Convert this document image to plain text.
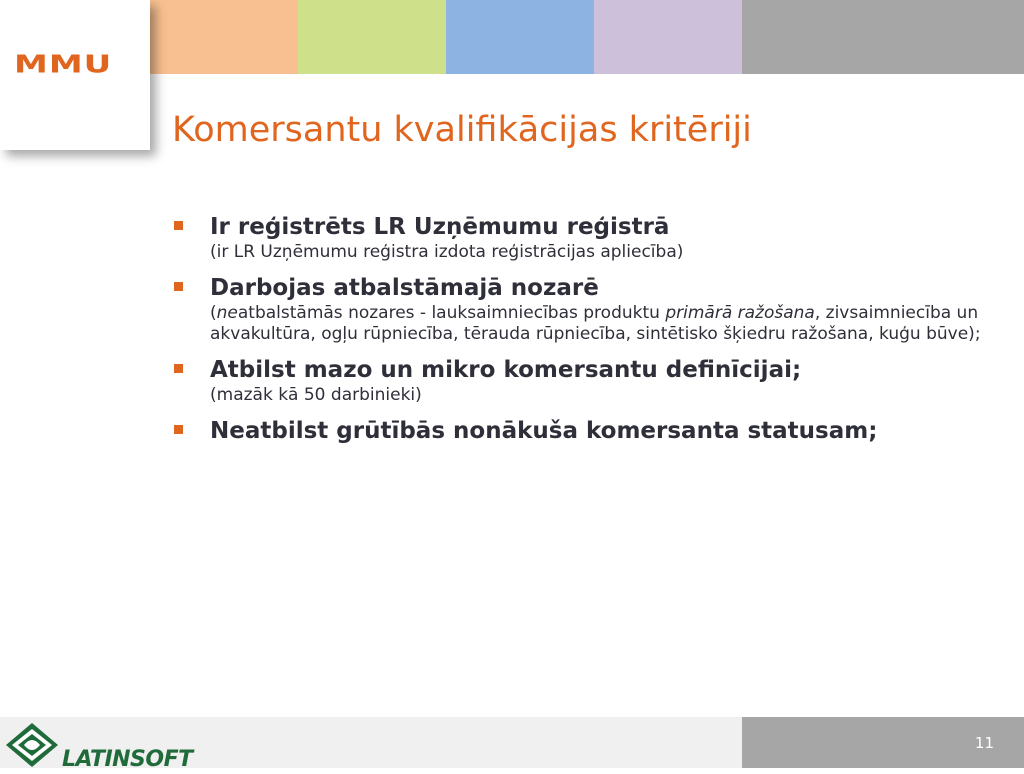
MMU
Komersantu kvalifikācijas kritēriji
Ir reģistrēts LR Uzņēmumu reģistrā
(ir LR Uzņēmumu reģistra izdota reģistrācijas apliecība)
Darbojas atbalstāmajā nozarē
(neatbalstāmās nozares - lauksaimniecības produktu primārā ražošana, zivsaimniecība un akvakultūra, ogļu rūpniecība, tērauda rūpniecība, sintētisko šķiedru ražošana, kuģu būve);
Atbilst mazo un mikro komersantu definīcijai;
(mazāk kā 50 darbinieki)
Neatbilst grūtībās nonākuša komersanta statusam;
LATINSOFT
11
